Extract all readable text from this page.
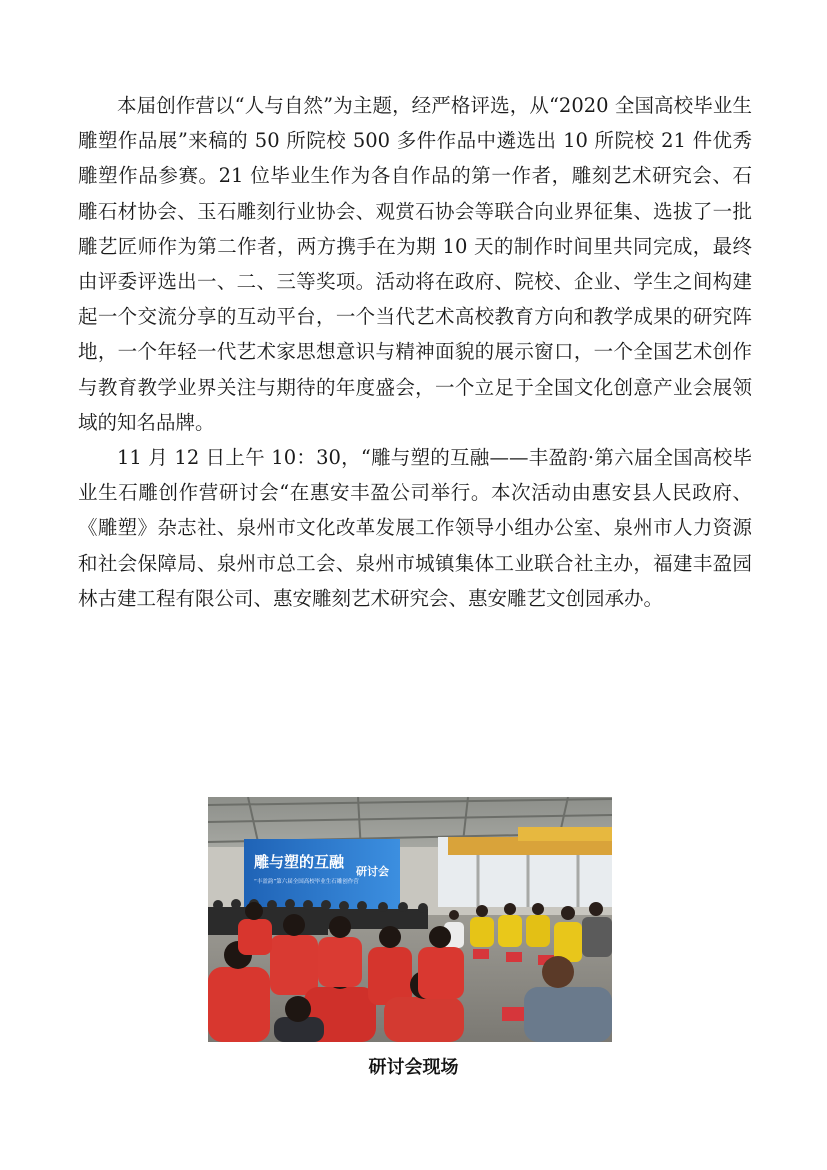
本届创作营以“人与自然”为主题，经严格评选，从“2020 全国高校毕业生雕塑作品展”来稿的 50 所院校 500 多件作品中遴选出 10 所院校 21 件优秀雕塑作品参赛。21 位毕业生作为各自作品的第一作者，雕刻艺术研究会、石雕石材协会、玉石雕刻行业协会、观赏石协会等联合向业界征集、选拔了一批雕艺匠师作为第二作者，两方携手在为期 10 天的制作时间里共同完成，最终由评委评选出一、二、三等奖项。活动将在政府、院校、企业、学生之间构建起一个交流分享的互动平台，一个当代艺术高校教育方向和教学成果的研究阵地，一个年轻一代艺术家思想意识与精神面貌的展示窗口，一个全国艺术创作与教育教学业界关注与期待的年度盛会，一个立足于全国文化创意产业会展领域的知名品牌。

11 月 12 日上午 10：30，“雕与塑的互融——丰盈韵·第六届全国高校毕业生石雕创作营研讨会“在惠安丰盈公司举行。本次活动由惠安县人民政府、《雕塑》杂志社、泉州市文化改革发展工作领导小组办公室、泉州市人力资源和社会保障局、泉州市总工会、泉州市城镇集体工业联合社主办，福建丰盈园林古建工程有限公司、惠安雕刻艺术研究会、惠安雕艺文创园承办。

雕与塑的互融
研讨会
“丰盈韵”第六届全国高校毕业生石雕创作营
研讨会现场
